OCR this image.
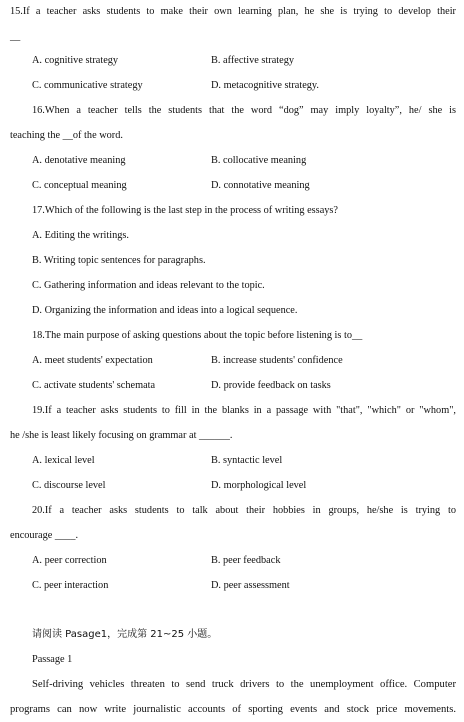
15.If a teacher asks students to make their own learning plan, he she is trying to develop their
__
A. cognitive strategy	B. affective strategy
C. communicative strategy	D. metacognitive strategy.
16.When a teacher tells the students that the word “dog” may imply loyalty”, he/ she is
teaching the __of the word.
A. denotative meaning	B. collocative meaning
C. conceptual meaning	D. connotative meaning
17.Which of the following is the last step in the process of writing essays?
A. Editing the writings.
B. Writing topic sentences for paragraphs.
C. Gathering information and ideas relevant to the topic.
D. Organizing the information and ideas into a logical sequence.
18.The main purpose of asking questions about the topic before listening is to__
A. meet students' expectation	B. increase students' confidence
C. activate students' schemata	D. provide feedback on tasks
19.If a teacher asks students to fill in the blanks in a passage with "that", "which" or "whom",
he /she is least likely focusing on grammar at ______.
A. lexical level	B. syntactic level
C. discourse level	D. morphological level
20.If a teacher asks students to talk about their hobbies in groups, he/she is trying to
encourage ____.
A. peer correction	B. peer feedback
C. peer interaction	D. peer assessment
请阅读 Pasage1，完成第 21~25 小题。
Passage 1
Self-driving vehicles threaten to send truck drivers to the unemployment office. Computer
programs can now write journalistic accounts of sporting events and stock price movements.
